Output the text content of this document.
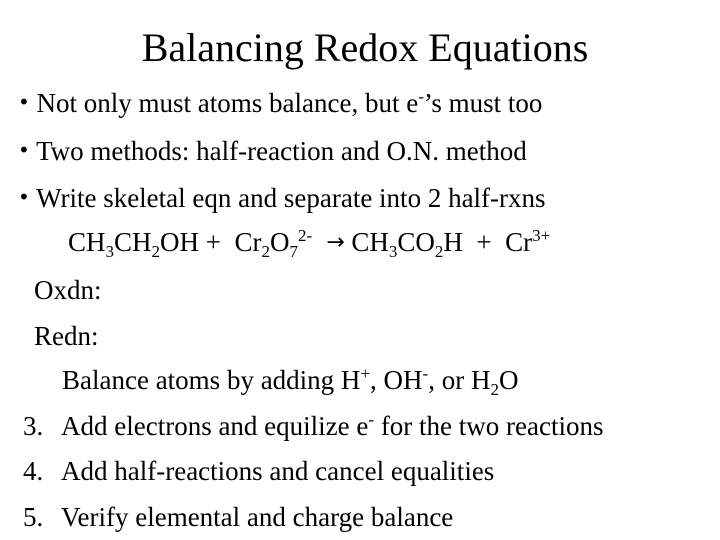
Balancing Redox Equations
• Not only must atoms balance, but e-’s must too
• Two methods: half-reaction and O.N. method
• Write skeletal eqn and separate into 2 half-rxns
$CH_3CH_2OH + Cr_2O_7^{2-} \to CH_3CO_2H + Cr^{3+}$
Oxdn:
Redn:
Balance atoms by adding H+, OH-, or $H_2O$
3. Add electrons and equilize e- for the two reactions
4. Add half-reactions and cancel equalities
5. Verify elemental and charge balance
